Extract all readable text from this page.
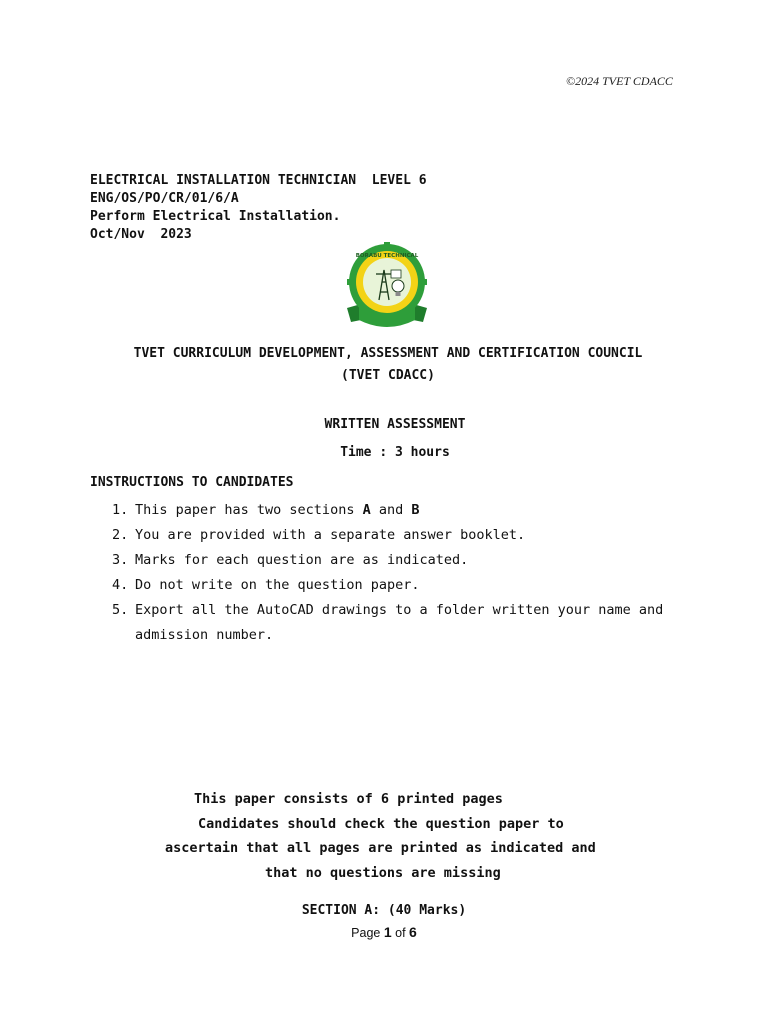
©2024 TVET CDACC
ELECTRICAL INSTALLATION TECHNICIAN  LEVEL 6
ENG/OS/PO/CR/01/6/A
Perform Electrical Installation.
Oct/Nov  2023
BORABU TECHNICAL
TVET CURRICULUM DEVELOPMENT, ASSESSMENT AND CERTIFICATION COUNCIL
(TVET CDACC)
WRITTEN ASSESSMENT
Time : 3 hours
INSTRUCTIONS TO CANDIDATES
1. This paper has two sections A and B
2. You are provided with a separate answer booklet.
3. Marks for each question are as indicated.
4. Do not write on the question paper.
5. Export all the AutoCAD drawings to a folder written your name and admission number.
This paper consists of 6 printed pages
Candidates should check the question paper to
ascertain that all pages are printed as indicated and
that no questions are missing
SECTION A: (40 Marks)
Page 1 of 6
